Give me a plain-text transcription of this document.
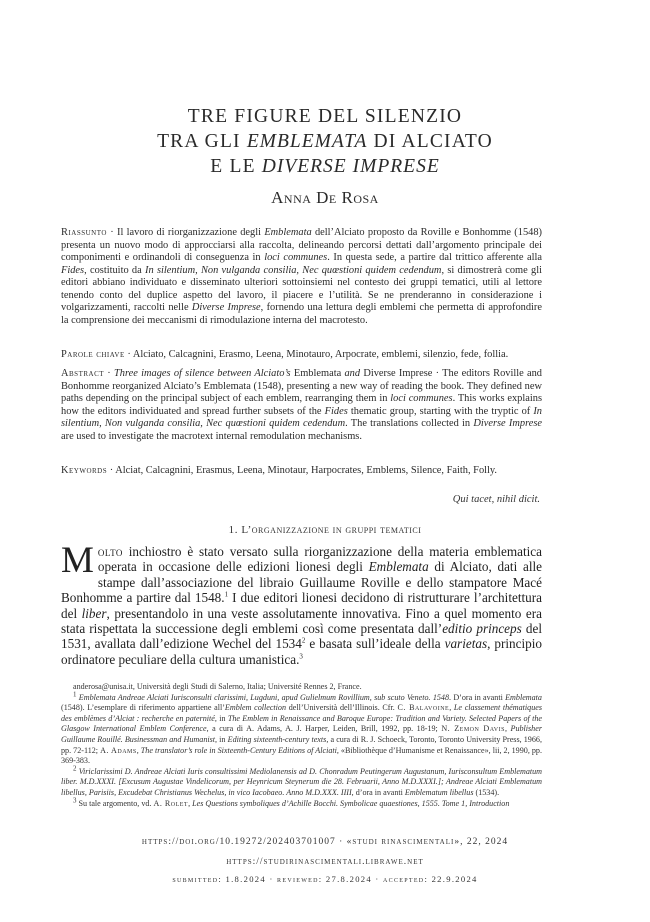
TRE FIGURE DEL SILENZIO
TRA GLI EMBLEMATA DI ALCIATO
E LE DIVERSE IMPRESE
Anna De Rosa
Riassunto · Il lavoro di riorganizzazione degli Emblemata dell’Alciato proposto da Roville e Bonhomme (1548) presenta un nuovo modo di approcciarsi alla raccolta, delineando percorsi dettati dall’argomento principale dei componimenti e ordinandoli di conseguenza in loci communes. In questa sede, a partire dal trittico afferente alla Fides, costituito da In silentium, Non vulganda consilia, Nec quœstioni quidem cedendum, si dimostrerà come gli editori abbiano individuato e disseminato ulteriori sottoinsiemi nel contesto dei gruppi tematici, utili al lettore tenendo conto del duplice aspetto del lavoro, il piacere e l’utilità. Se ne prenderanno in considerazione i volgarizzamenti, raccolti nelle Diverse Imprese, fornendo una lettura degli emblemi che permetta di approfondire la comprensione dei meccanismi di rimodulazione interna del macrotesto.
Parole chiave · Alciato, Calcagnini, Erasmo, Leena, Minotauro, Arpocrate, emblemi, silenzio, fede, follia.
Abstract · Three images of silence between Alciato’s Emblemata and Diverse Imprese · The editors Roville and Bonhomme reorganized Alciato’s Emblemata (1548), presenting a new way of reading the book. They defined new paths depending on the principal subject of each emblem, rearranging them in loci communes. This works explains how the editors individuated and spread further subsets of the Fides thematic group, starting with the tryptic of In silentium, Non vulganda consilia, Nec quœstioni quidem cedendum. The translations collected in Diverse Imprese are used to investigate the macrotext internal remodulation mechanisms.
Keywords · Alciat, Calcagnini, Erasmus, Leena, Minotaur, Harpocrates, Emblems, Silence, Faith, Folly.
Qui tacet, nihil dicit.
1. L’organizzazione in gruppi tematici
Molto inchiostro è stato versato sulla riorganizzazione della materia emblematica operata in occasione delle edizioni lionesi degli Emblemata di Alciato, dati alle stampe dall’associazione del libraio Guillaume Roville e dello stampatore Macé Bonhomme a partire dal 1548.$^1$ I due editori lionesi decidono di ristrutturare l’architettura del liber, presentandolo in una veste assolutamente innovativa. Fino a quel momento era stata rispettata la successione degli emblemi così come presentata dall’editio princeps del 1531, avallata dall’edizione Wechel del 1534$^2$ e basata sull’ideale della varietas, principio ordinatore peculiare della cultura umanistica.$^3$

anderosa@unisa.it, Università degli Studi di Salerno, Italia; Université Rennes 2, France.

$^1$ Emblemata Andreae Alciati Iurisconsulti clarissimi, Lugduni, apud Gulielmum Rovillium, sub scuto Veneto. 1548. D’ora in avanti Emblemata (1548). L’esemplare di riferimento appartiene all’Emblem collection dell’Università dell’Illinois. Cfr. C. Balavoine, Le classement thématiques des emblèmes d’Alciat : recherche en paternité, in The Emblem in Renaissance and Baroque Europe: Tradition and Variety. Selected Papers of the Glasgow International Emblem Conference, a cura di A. Adams, A. J. Harper, Leiden, Brill, 1992, pp. 18-19; N. Zemon Davis, Publisher Guillaume Rouillé. Businessman and Humanist, in Editing sixteenth-century texts, a cura di R. J. Schoeck, Toronto, Toronto University Press, 1966, pp. 72-112; A. Adams, The translator’s role in Sixteenth-Century Editions of Alciati, «Bibliothèque d’Humanisme et Renaissance», lii, 2, 1990, pp. 369-383.

$^2$ Viriclarissimi D. Andreae Alciati Iuris consultissimi Mediolanensis ad D. Chonradum Peutingerum Augustanum, Iurisconsultum Emblematum liber. M.D.XXXI. [Excusum Augustae Vindelicorum, per Heynricum Steynerum die 28. Februarii, Anno M.D.XXXI.]; Andreae Alciati Emblematum libellus, Parisiis, Excudebat Christianus Wechelus, in vico Iacobaeo. Anno M.D.XXX. IIII, d’ora in avanti Emblematum libellus (1534).

$^3$ Su tale argomento, vd. A. Rolet, Les Questions symboliques d’Achille Bocchi. Symbolicae quaestiones, 1555. Tome 1, Introduction

https://doi.org/10.19272/202403701007 · «studi rinascimentali», 22, 2024
https://studirinascimentali.librawe.net
submitted: 1.8.2024 · reviewed: 27.8.2024 · accepted: 22.9.2024
